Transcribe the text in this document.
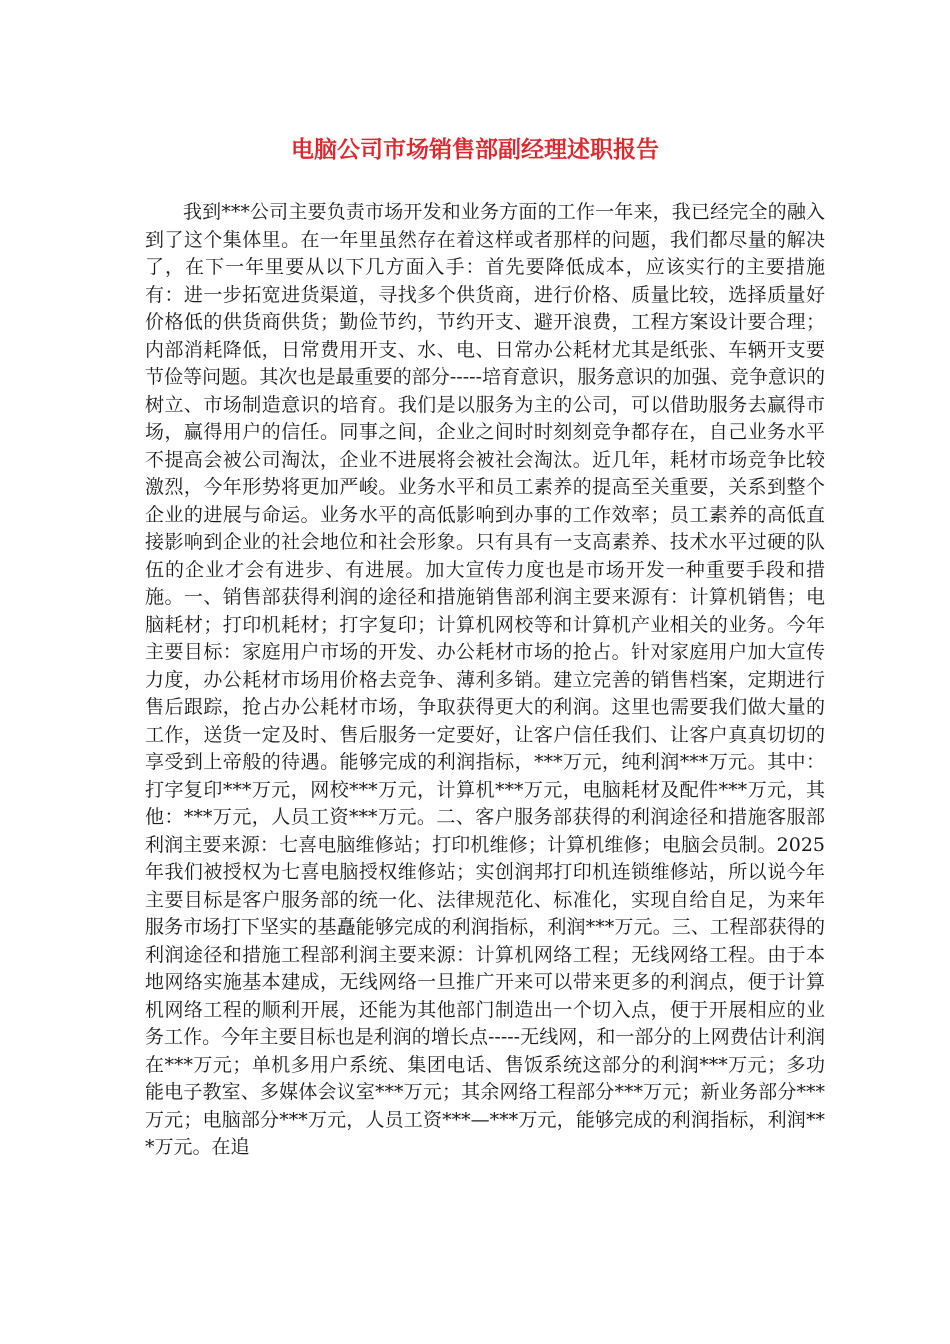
电脑公司市场销售部副经理述职报告

我到***公司主要负责市场开发和业务方面的工作一年来，我已经完全的融入到了这个集体里。在一年里虽然存在着这样或者那样的问题，我们都尽量的解决了，在下一年里要从以下几方面入手：首先要降低成本，应该实行的主要措施有：进一步拓宽进货渠道，寻找多个供货商，进行价格、质量比较，选择质量好价格低的供货商供货；勤俭节约，节约开支、避开浪费，工程方案设计要合理；内部消耗降低，日常费用开支、水、电、日常办公耗材尤其是纸张、车辆开支要节俭等问题。其次也是最重要的部分-----培育意识，服务意识的加强、竞争意识的树立、市场制造意识的培育。我们是以服务为主的公司，可以借助服务去赢得市场，赢得用户的信任。同事之间，企业之间时时刻刻竞争都存在，自己业务水平不提高会被公司淘汰，企业不进展将会被社会淘汰。近几年，耗材市场竞争比较激烈，今年形势将更加严峻。业务水平和员工素养的提高至关重要，关系到整个企业的进展与命运。业务水平的高低影响到办事的工作效率；员工素养的高低直接影响到企业的社会地位和社会形象。只有具有一支高素养、技术水平过硬的队伍的企业才会有进步、有进展。加大宣传力度也是市场开发一种重要手段和措施。一、销售部获得利润的途径和措施销售部利润主要来源有：计算机销售；电脑耗材；打印机耗材；打字复印；计算机网校等和计算机产业相关的业务。今年主要目标：家庭用户市场的开发、办公耗材市场的抢占。针对家庭用户加大宣传力度，办公耗材市场用价格去竞争、薄利多销。建立完善的销售档案，定期进行售后跟踪，抢占办公耗材市场，争取获得更大的利润。这里也需要我们做大量的工作，送货一定及时、售后服务一定要好，让客户信任我们、让客户真真切切的享受到上帝般的待遇。能够完成的利润指标，***万元，纯利润***万元。其中：打字复印***万元，网校***万元，计算机***万元，电脑耗材及配件***万元，其他：***万元，人员工资***万元。二、客户服务部获得的利润途径和措施客服部利润主要来源：七喜电脑维修站；打印机维修；计算机维修；电脑会员制。2025年我们被授权为七喜电脑授权维修站；实创润邦打印机连锁维修站，所以说今年主要目标是客户服务部的统一化、法律规范化、标准化，实现自给自足，为来年服务市场打下坚实的基矗能够完成的利润指标，利润***万元。三、工程部获得的利润途径和措施工程部利润主要来源：计算机网络工程；无线网络工程。由于本地网络实施基本建成，无线网络一旦推广开来可以带来更多的利润点，便于计算机网络工程的顺利开展，还能为其他部门制造出一个切入点，便于开展相应的业务工作。今年主要目标也是利润的增长点-----无线网，和一部分的上网费估计利润在***万元；单机多用户系统、集团电话、售饭系统这部分的利润***万元；多功能电子教室、多媒体会议室***万元；其余网络工程部分***万元；新业务部分***万元；电脑部分***万元，人员工资***—***万元，能够完成的利润指标，利润***万元。在追
